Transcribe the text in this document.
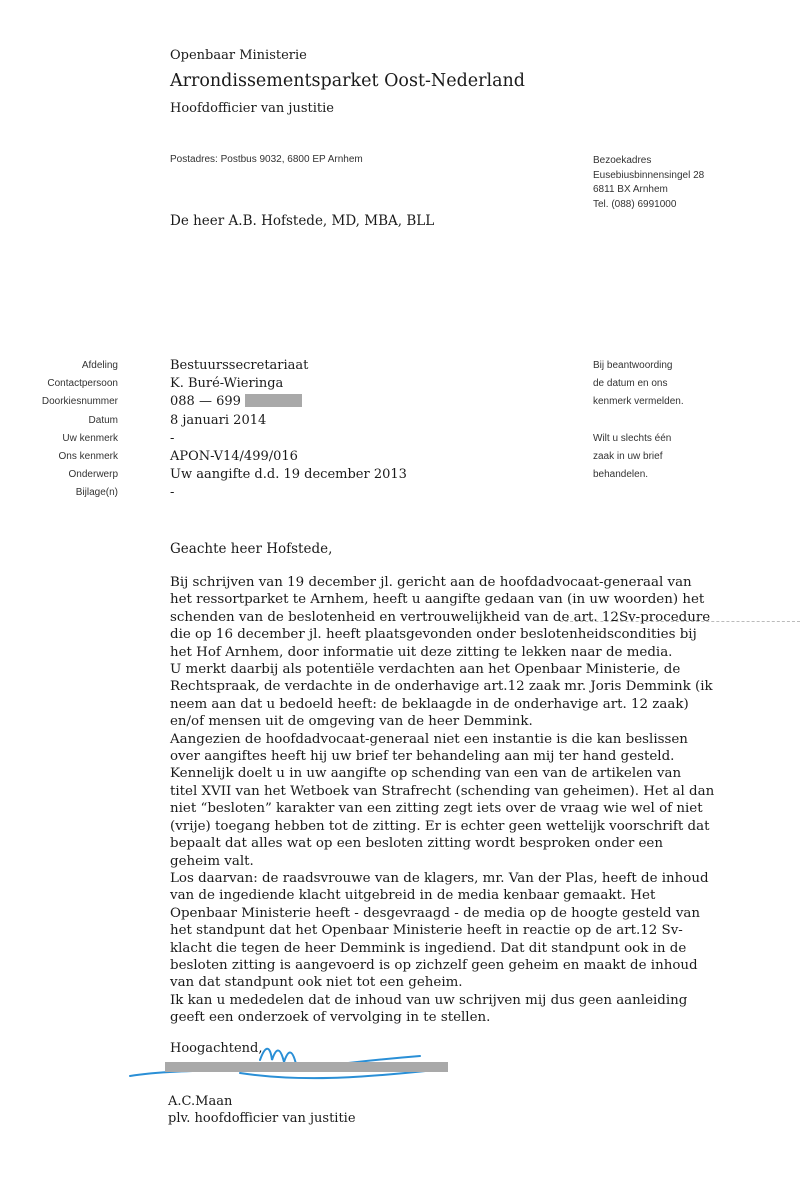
Openbaar Ministerie
Arrondissementsparket Oost-Nederland
Hoofdofficier van justitie
Postadres: Postbus 9032, 6800 EP Arnhem	Bezoekadres
Eusebiusbinnensingel 28
6811 BX Arnhem
Tel. (088) 6991000
De heer A.B. Hofstede, MD, MBA, BLL
Afdeling
Contactpersoon
Doorkiesnummer
Datum
Uw kenmerk
Ons kenmerk
Onderwerp
Bijlage(n)
Bestuurssecretariaat
K. Buré-Wieringa
088 — 699
8 januari 2014
-
APON-V14/499/016
Uw aangifte d.d. 19 december 2013
-
Bij beantwoording
de datum en ons
kenmerk vermelden.
Wilt u slechts één
zaak in uw brief
behandelen.
Geachte heer Hofstede,
Bij schrijven van 19 december jl. gericht aan de hoofdadvocaat-generaal van
het ressortparket te Arnhem, heeft u aangifte gedaan van (in uw woorden) het
schenden van de beslotenheid en vertrouwelijkheid van de art. 12Sv-procedure
die op 16 december jl. heeft plaatsgevonden onder beslotenheidscondities bij
het Hof Arnhem, door informatie uit deze zitting te lekken naar de media.
U merkt daarbij als potentiële verdachten aan het Openbaar Ministerie, de
Rechtspraak, de verdachte in de onderhavige art.12 zaak mr. Joris Demmink (ik
neem aan dat u bedoeld heeft: de beklaagde in de onderhavige art. 12 zaak)
en/of mensen uit de omgeving van de heer Demmink.
Aangezien de hoofdadvocaat-generaal niet een instantie is die kan beslissen
over aangiftes heeft hij uw brief ter behandeling aan mij ter hand gesteld.
Kennelijk doelt u in uw aangifte op schending van een van de artikelen van
titel XVII van het Wetboek van Strafrecht (schending van geheimen). Het al dan
niet “besloten” karakter van een zitting zegt iets over de vraag wie wel of niet
(vrije) toegang hebben tot de zitting. Er is echter geen wettelijk voorschrift dat
bepaalt dat alles wat op een besloten zitting wordt besproken onder een
geheim valt.
Los daarvan: de raadsvrouwe van de klagers, mr. Van der Plas, heeft de inhoud
van de ingediende klacht uitgebreid in de media kenbaar gemaakt. Het
Openbaar Ministerie heeft - desgevraagd - de media op de hoogte gesteld van
het standpunt dat het Openbaar Ministerie heeft in reactie op de art.12 Sv-
klacht die tegen de heer Demmink is ingediend. Dat dit standpunt ook in de
besloten zitting is aangevoerd is op zichzelf geen geheim en maakt de inhoud
van dat standpunt ook niet tot een geheim.
Ik kan u mededelen dat de inhoud van uw schrijven mij dus geen aanleiding
geeft een onderzoek of vervolging in te stellen.
Hoogachtend,
A.C.Maan
plv. hoofdofficier van justitie
